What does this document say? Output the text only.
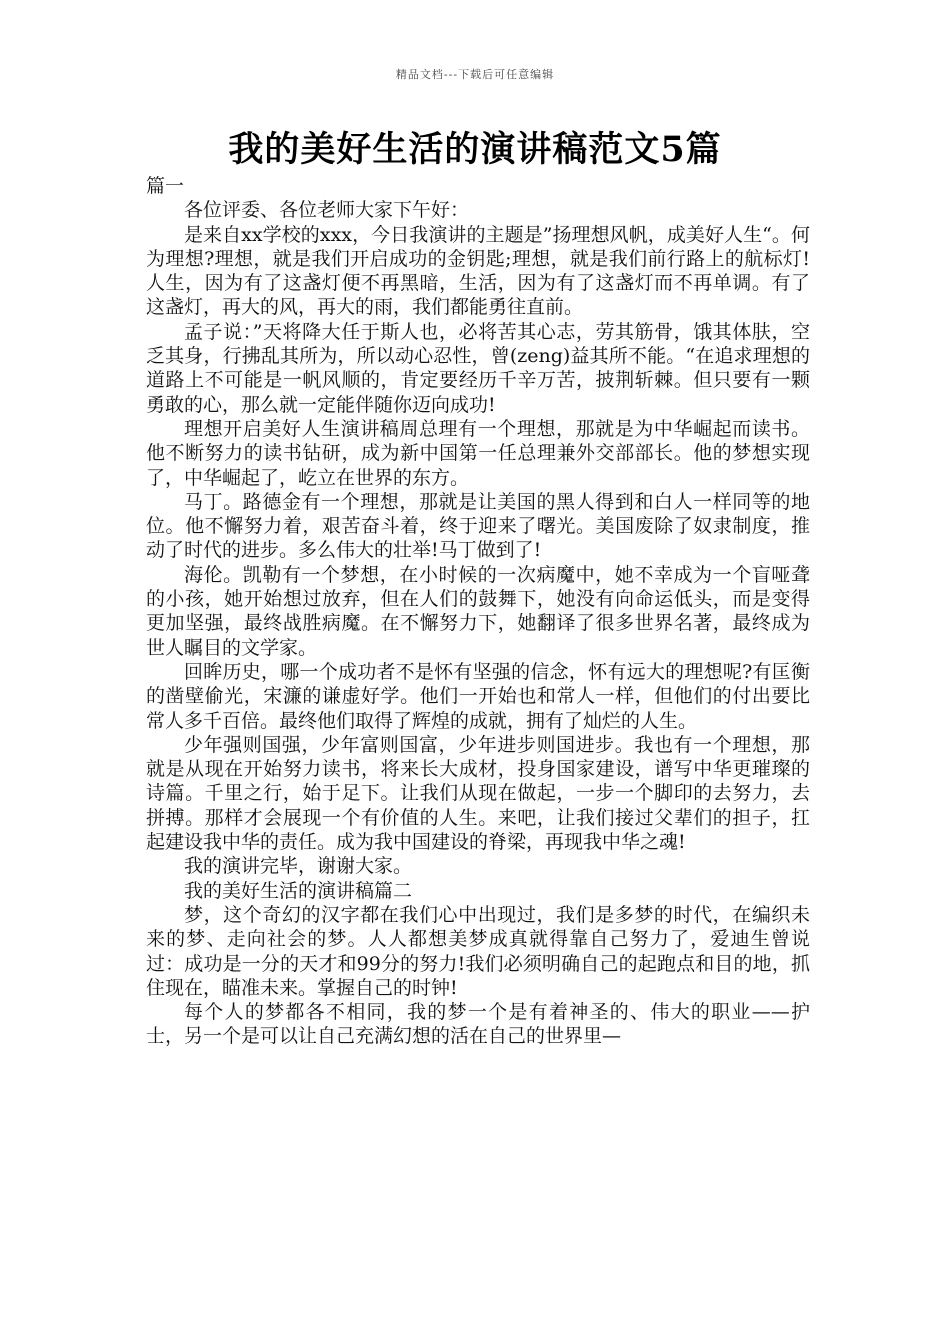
精品文档---下载后可任意编辑
我的美好生活的演讲稿范文5篇

篇一

各位评委、各位老师大家下午好：

是来自xx学校的xxx，今日我演讲的主题是”扬理想风帆，成美好人生“。何为理想?理想，就是我们开启成功的金钥匙;理想，就是我们前行路上的航标灯!人生，因为有了这盏灯便不再黑暗，生活，因为有了这盏灯而不再单调。有了这盏灯，再大的风，再大的雨，我们都能勇往直前。

孟子说：”天将降大任于斯人也，必将苦其心志，劳其筋骨，饿其体肤，空乏其身，行拂乱其所为，所以动心忍性，曾(zeng)益其所不能。“在追求理想的道路上不可能是一帆风顺的，肯定要经历千辛万苦，披荆斩棘。但只要有一颗勇敢的心，那么就一定能伴随你迈向成功!

理想开启美好人生演讲稿周总理有一个理想，那就是为中华崛起而读书。他不断努力的读书钻研，成为新中国第一任总理兼外交部部长。他的梦想实现了，中华崛起了，屹立在世界的东方。

马丁。路德金有一个理想，那就是让美国的黑人得到和白人一样同等的地位。他不懈努力着，艰苦奋斗着，终于迎来了曙光。美国废除了奴隶制度，推动了时代的进步。多么伟大的壮举!马丁做到了!

海伦。凯勒有一个梦想，在小时候的一次病魔中，她不幸成为一个盲哑聋的小孩，她开始想过放弃，但在人们的鼓舞下，她没有向命运低头，而是变得更加坚强，最终战胜病魔。在不懈努力下，她翻译了很多世界名著，最终成为世人瞩目的文学家。

回眸历史，哪一个成功者不是怀有坚强的信念，怀有远大的理想呢?有匡衡的凿壁偷光，宋濂的谦虚好学。他们一开始也和常人一样，但他们的付出要比常人多千百倍。最终他们取得了辉煌的成就，拥有了灿烂的人生。

少年强则国强，少年富则国富，少年进步则国进步。我也有一个理想，那就是从现在开始努力读书，将来长大成材，投身国家建设，谱写中华更璀璨的诗篇。千里之行，始于足下。让我们从现在做起，一步一个脚印的去努力，去拼搏。那样才会展现一个有价值的人生。来吧，让我们接过父辈们的担子，扛起建设我中华的责任。成为我中国建设的脊梁，再现我中华之魂!

我的演讲完毕，谢谢大家。

我的美好生活的演讲稿篇二

梦，这个奇幻的汉字都在我们心中出现过，我们是多梦的时代，在编织未来的梦、走向社会的梦。人人都想美梦成真就得靠自己努力了，爱迪生曾说过：成功是一分的天才和99分的努力!我们必须明确自己的起跑点和目的地，抓住现在，瞄准未来。掌握自己的时钟!

每个人的梦都各不相同，我的梦一个是有着神圣的、伟大的职业——护士，另一个是可以让自己充满幻想的活在自己的世界里—
